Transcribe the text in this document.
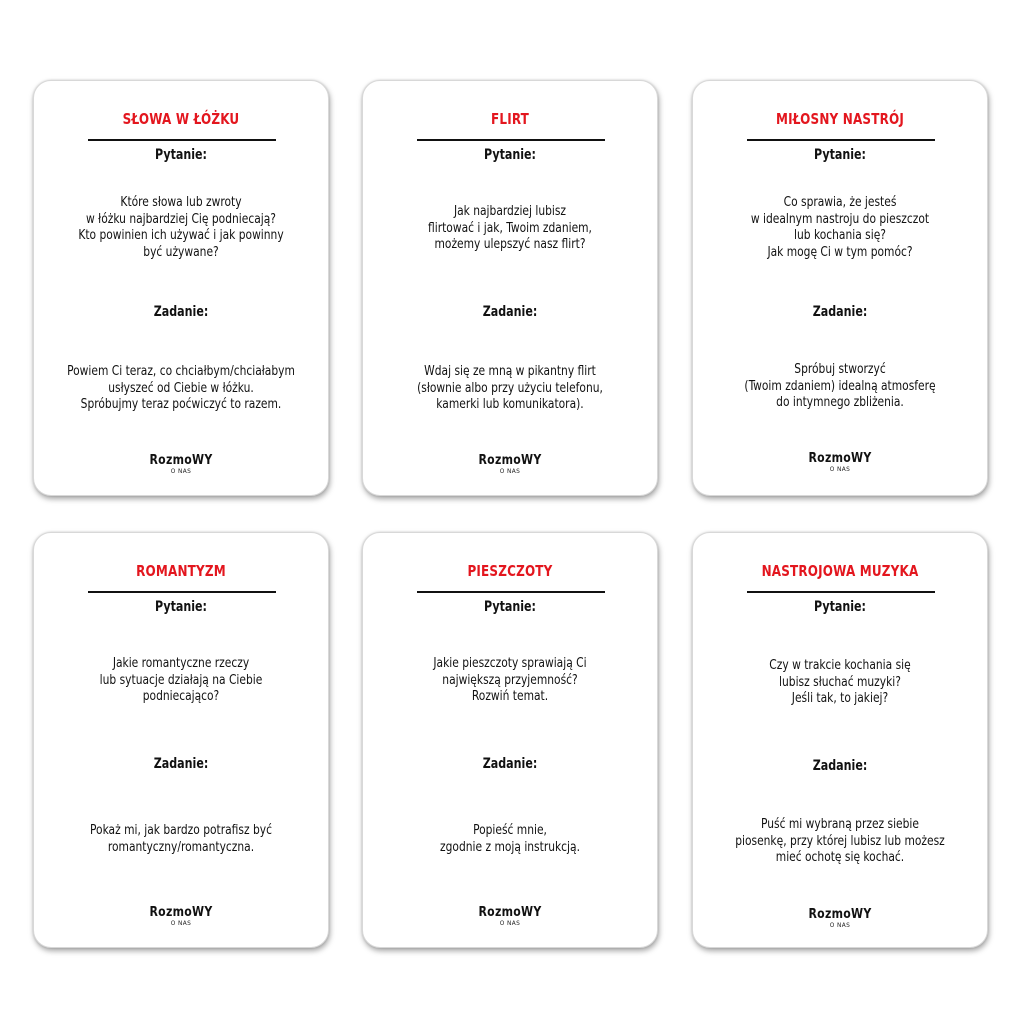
SŁOWA W ŁÓŻKU
Pytanie:
Które słowa lub zwroty
w łóżku najbardziej Cię podniecają?
Kto powinien ich używać i jak powinny
być używane?
Zadanie:
Powiem Ci teraz, co chciałbym/chciałabym
usłyszeć od Ciebie w łóżku.
Spróbujmy teraz poćwiczyć to razem.
RozmoWY
O NAS
FLIRT
Pytanie:
Jak najbardziej lubisz
flirtować i jak, Twoim zdaniem,
możemy ulepszyć nasz flirt?
Zadanie:
Wdaj się ze mną w pikantny flirt
(słownie albo przy użyciu telefonu,
kamerki lub komunikatora).
RozmoWY
O NAS
MIŁOSNY NASTRÓJ
Pytanie:
Co sprawia, że jesteś
w idealnym nastroju do pieszczot
lub kochania się?
Jak mogę Ci w tym pomóc?
Zadanie:
Spróbuj stworzyć
(Twoim zdaniem) idealną atmosferę
do intymnego zbliżenia.
RozmoWY
O NAS
ROMANTYZM
Pytanie:
Jakie romantyczne rzeczy
lub sytuacje działają na Ciebie
podniecająco?
Zadanie:
Pokaż mi, jak bardzo potrafisz być
romantyczny/romantyczna.
RozmoWY
O NAS
PIESZCZOTY
Pytanie:
Jakie pieszczoty sprawiają Ci
największą przyjemność?
Rozwiń temat.
Zadanie:
Popieść mnie,
zgodnie z moją instrukcją.
RozmoWY
O NAS
NASTROJOWA MUZYKA
Pytanie:
Czy w trakcie kochania się
lubisz słuchać muzyki?
Jeśli tak, to jakiej?
Zadanie:
Puść mi wybraną przez siebie
piosenkę, przy której lubisz lub możesz
mieć ochotę się kochać.
RozmoWY
O NAS
